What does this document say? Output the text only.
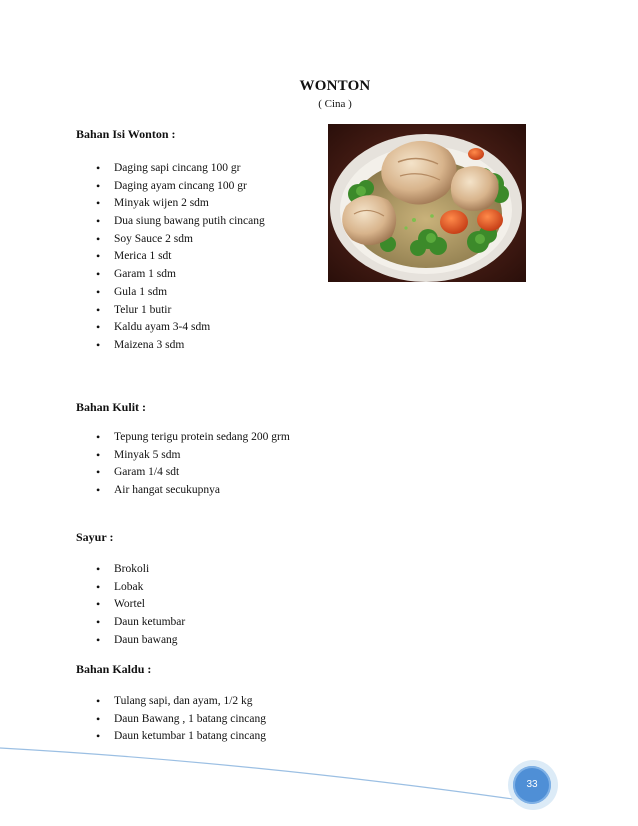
WONTON
( Cina )
Bahan Isi Wonton :
• Daging sapi cincang 100 gr
• Daging ayam cincang 100 gr
• Minyak wijen 2 sdm
• Dua siung bawang putih cincang
• Soy Sauce 2 sdm
• Merica 1 sdt
• Garam 1 sdm
• Gula 1 sdm
• Telur 1 butir
• Kaldu ayam 3-4 sdm
• Maizena 3 sdm
Bahan Kulit :
• Tepung terigu protein sedang 200 grm
• Minyak 5 sdm
• Garam 1/4 sdt
• Air hangat secukupnya
Sayur :
• Brokoli
• Lobak
• Wortel
• Daun ketumbar
• Daun bawang
Bahan Kaldu :
• Tulang sapi, dan ayam, 1/2 kg
• Daun Bawang , 1 batang cincang
• Daun ketumbar 1 batang cincang
33
